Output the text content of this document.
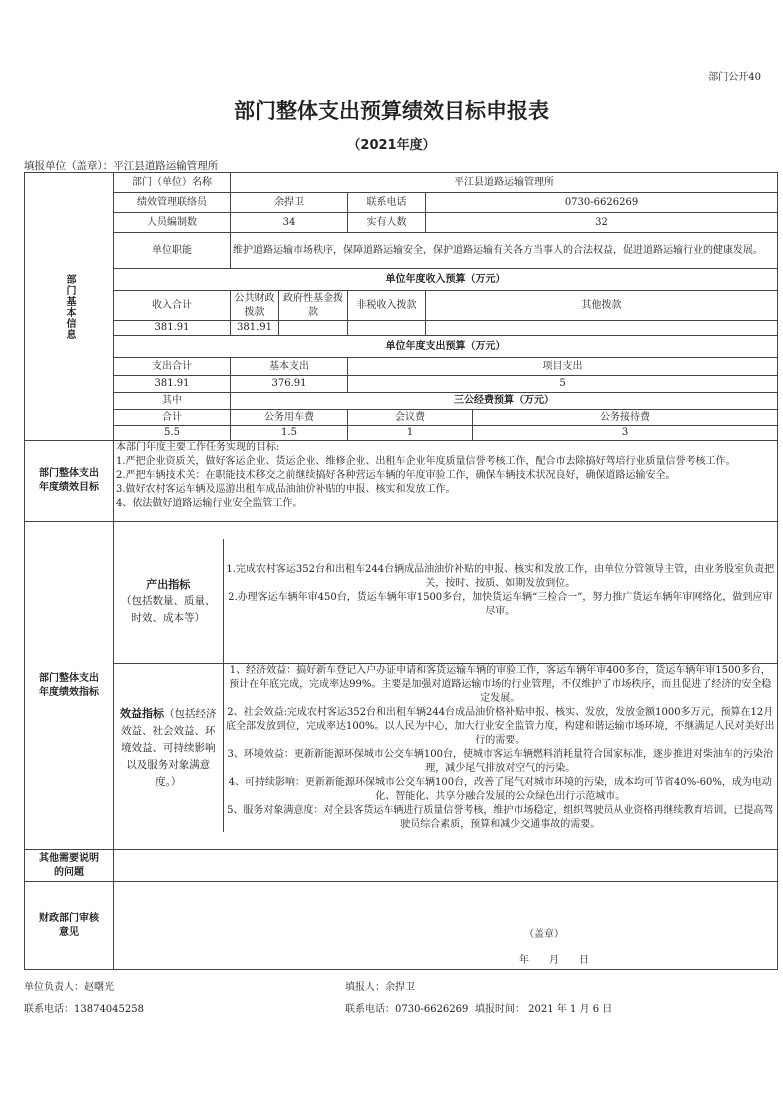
部门公开40
部门整体支出预算绩效目标申报表
（2021年度）
填报单位（盖章）：平江县道路运输管理所
部门基本信息
	部门（单位）名称	平江县道路运输管理所
绩效管理联络员	余捍卫	联系电话	0730-6626269
人员编制数	34	实有人数	32
单位职能	维护道路运输市场秩序，保障道路运输安全，保护道路运输有关各方当事人的合法权益，促进道路运输行业的健康发展。
单位年度收入预算（万元）
收入合计	公共财政拨款	政府性基金拨款	非税收入拨款	其他拨款
381.91	381.91			
单位年度支出预算（万元）
支出合计	基本支出	项目支出
381.91	376.91	5
其中	三公经费预算（万元）
合计	公务用车费	会议费	公务接待费
5.5	1.5	1	3
部门整体支出年度绩效目标	
本部门年度主要工作任务实现的目标:
1.严把企业资质关，做好客运企业、货运企业、维修企业、出租车企业年度质量信誉考核工作，配合市去除搞好驾培行业质量信誉考核工作。
2.严把车辆技术关：在职能技术移交之前继续搞好各种营运车辆的年度审验工作，确保车辆技术状况良好，确保道路运输安全。
3.做好农村客运车辆及巡游出租车成品油油价补贴的申报、核实和发放工作。
4、依法做好道路运输行业安全监管工作。

部门整体支出年度绩效指标	
产出指标
（包括数量、质量、时效、成本等）

1.完成农村客运352台和出租车244台辆成品油油价补贴的申报、核实和发放工作，由单位分管领导主管，由业务股室负责把关，按时、按质、如期发放到位。
2.办理客运车辆年审450台，货运车辆年审1500多台，加快货运车辆“三检合一”，努力推广货运车辆年审网络化，做到应审尽审。

效益指标（包括经济效益、社会效益、环境效益、可持续影响以及服务对象满意度。）	
1、经济效益：搞好新车登记入户办证申请和客货运输车辆的审验工作，客运车辆年审400多台，货运车辆年审1500多台，预计在年底完成，完成率达99%。主要是加强对道路运输市场的行业管理，不仅维护了市场秩序，而且促进了经济的安全稳定发展。
2、社会效益:完成农村客运352台和出租车辆244台成品油价格补贴申报、核实、发放，发放金额1000多万元，预算在12月底全部发放到位，完成率达100%。以人民为中心，加大行业安全监管力度，构建和谐运输市场环境，不继满足人民对美好出行的需要。
3、环境效益：更新新能源环保城市公交车辆100台，使城市客运车辆燃料消耗量符合国家标准，逐步推进对柴油车的污染治理，减少尾气排放对空气的污染。
4、可持续影响：更新新能源环保城市公交车辆100台，改善了尾气对城市环境的污染，成本均可节省40%-60%，成为电动化、智能化、共享分融合发展的公众绿色出行示范城市。
5、服务对象满意度：对全县客货运车辆进行质量信誉考核，维护市场稳定，组织驾驶员从业资格再继续教育培训，已提高驾驶员综合素质，预算和减少交通事故的需要。

其他需要说明的问题	
财政部门审核意见	（盖章）
年　　月　　日
单位负责人：赵曙光	填报人：余捍卫
联系电话：13874045258	联系电话：0730-6626269 填报时间： 2021 年 1 月 6 日
